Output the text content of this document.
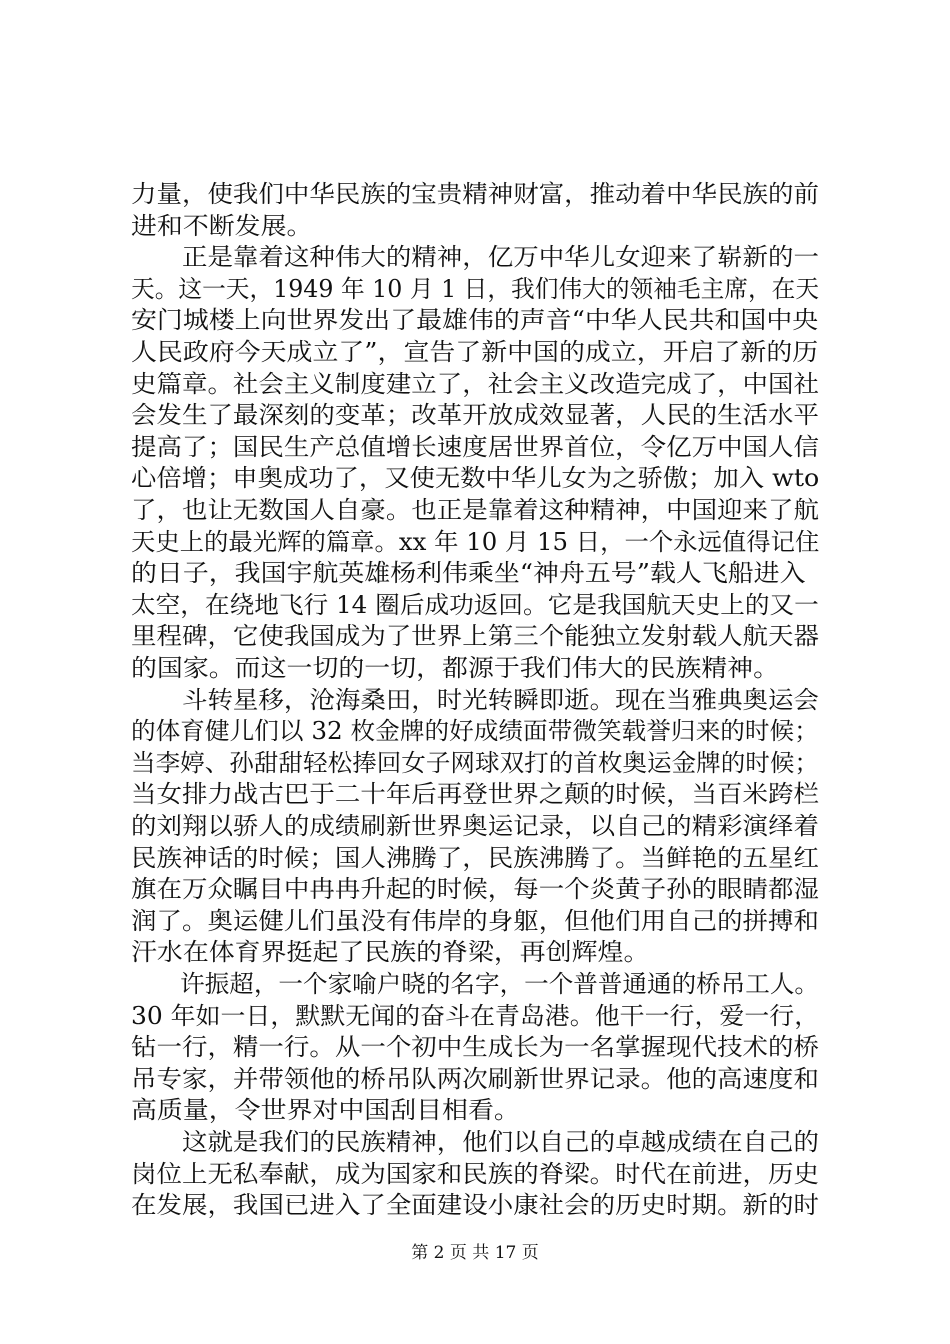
力量，使我们中华民族的宝贵精神财富，推动着中华民族的前
进和不断发展。
　　正是靠着这种伟大的精神，亿万中华儿女迎来了崭新的一
天。这一天，1949 年 10 月 1 日，我们伟大的领袖毛主席，在天
安门城楼上向世界发出了最雄伟的声音“中华人民共和国中央
人民政府今天成立了”，宣告了新中国的成立，开启了新的历
史篇章。社会主义制度建立了，社会主义改造完成了，中国社
会发生了最深刻的变革；改革开放成效显著，人民的生活水平
提高了；国民生产总值增长速度居世界首位，令亿万中国人信
心倍增；申奥成功了，又使无数中华儿女为之骄傲；加入 wto
了，也让无数国人自豪。也正是靠着这种精神，中国迎来了航
天史上的最光辉的篇章。xx 年 10 月 15 日，一个永远值得记住
的日子，我国宇航英雄杨利伟乘坐“神舟五号”载人飞船进入
太空，在绕地飞行 14 圈后成功返回。它是我国航天史上的又一
里程碑，它使我国成为了世界上第三个能独立发射载人航天器
的国家。而这一切的一切，都源于我们伟大的民族精神。
　　斗转星移，沧海桑田，时光转瞬即逝。现在当雅典奥运会
的体育健儿们以 32 枚金牌的好成绩面带微笑载誉归来的时候；
当李婷、孙甜甜轻松捧回女子网球双打的首枚奥运金牌的时候；
当女排力战古巴于二十年后再登世界之颠的时候，当百米跨栏
的刘翔以骄人的成绩刷新世界奥运记录，以自己的精彩演绎着
民族神话的时候；国人沸腾了，民族沸腾了。当鲜艳的五星红
旗在万众瞩目中冉冉升起的时候，每一个炎黄子孙的眼睛都湿
润了。奥运健儿们虽没有伟岸的身躯，但他们用自己的拼搏和
汗水在体育界挺起了民族的脊梁，再创辉煌。
　　许振超，一个家喻户晓的名字，一个普普通通的桥吊工人。
30 年如一日，默默无闻的奋斗在青岛港。他干一行，爱一行，
钻一行，精一行。从一个初中生成长为一名掌握现代技术的桥
吊专家，并带领他的桥吊队两次刷新世界记录。他的高速度和
高质量，令世界对中国刮目相看。
　　这就是我们的民族精神，他们以自己的卓越成绩在自己的
岗位上无私奉献，成为国家和民族的脊梁。时代在前进，历史
在发展，我国已进入了全面建设小康社会的历史时期。新的时
第 2 页 共 17 页
